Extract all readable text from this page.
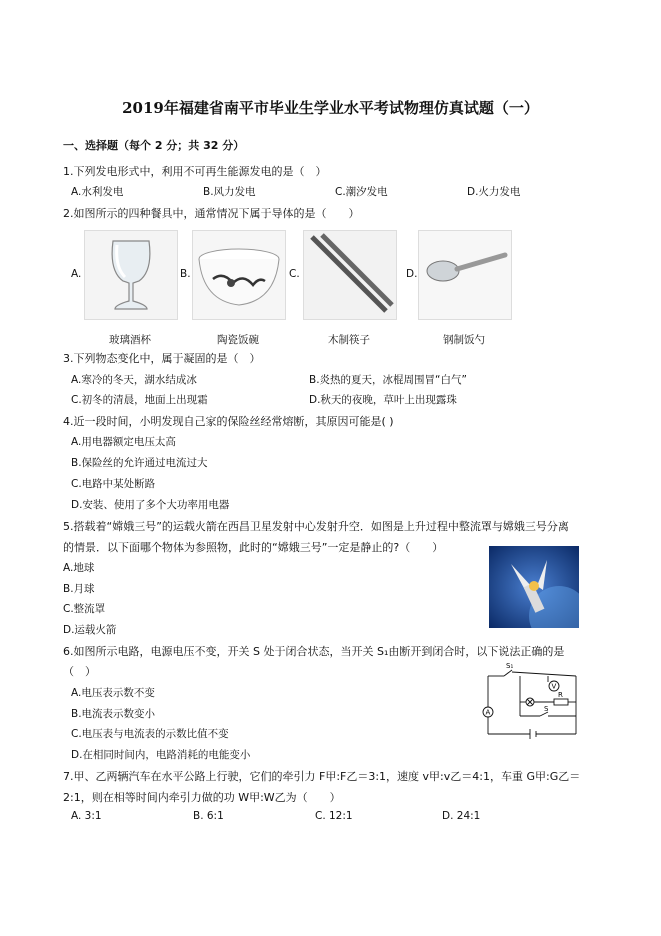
2019年福建省南平市毕业生学业水平考试物理仿真试题（一）
一、选择题（每个 2 分；共 32 分）
1.下列发电形式中，利用不可再生能源发电的是（　）
A.水利发电	B.风力发电	C.潮汐发电	D.火力发电
2.如图所示的四种餐具中，通常情况下属于导体的是（　　）
A.	B.	C.	D.
玻璃酒杯	陶瓷饭碗	木制筷子	钢制饭勺
3.下列物态变化中，属于凝固的是（　）
A.寒冷的冬天，湖水结成冰	B.炎热的夏天，冰棍周围冒“白气”
C.初冬的清晨，地面上出现霜	D.秋天的夜晚，草叶上出现露珠
4.近一段时间，小明发现自己家的保险丝经常熔断，其原因可能是( )
A.用电器额定电压太高
B.保险丝的允许通过电流过大
C.电路中某处断路
D.安装、使用了多个大功率用电器
5.搭载着“嫦娥三号”的运载火箭在西昌卫星发射中心发射升空．如图是上升过程中整流罩与嫦娥三号分离
的情景．以下面哪个物体为参照物，此时的“嫦娥三号”一定是静止的?（　　）
A.地球
B.月球
C.整流罩
D.运载火箭
6.如图所示电路，电源电压不变，开关 S 处于闭合状态，当开关 S₁由断开到闭合时，以下说法正确的是
（　）
A.电压表示数不变
B.电流表示数变小
C.电压表与电流表的示数比值不变
D.在相同时间内，电路消耗的电能变小
S₁
V
R
A	S
7.甲、乙两辆汽车在水平公路上行驶，它们的牵引力 F甲:F乙＝3:1，速度 v甲:v乙＝4:1，车重 G甲:G乙＝
2:1，则在相等时间内牵引力做的功 W甲:W乙为（　　）
A. 3:1	B. 6:1	C. 12:1	D. 24:1
